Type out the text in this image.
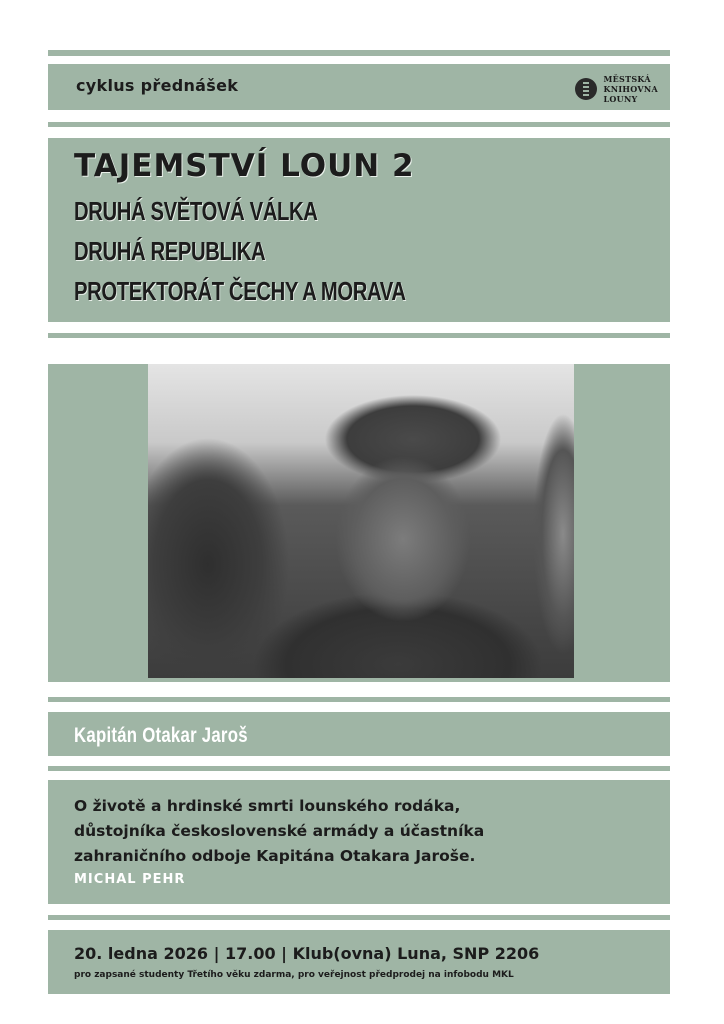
cyklus přednášek	MĚSTSKÁ
KNIHOVNA
LOUNY
TAJEMSTVÍ LOUN 2
DRUHÁ SVĚTOVÁ VÁLKA
DRUHÁ REPUBLIKA
PROTEKTORÁT ČECHY A MORAVA
Kapitán Otakar Jaroš
O životě a hrdinské smrti lounského rodáka,
důstojníka československé armády a účastníka
zahraničního odboje Kapitána Otakara Jaroše.
MICHAL PEHR
20. ledna 2026 | 17.00 | Klub(ovna) Luna, SNP 2206
pro zapsané studenty Třetího věku zdarma, pro veřejnost předprodej na infobodu MKL
